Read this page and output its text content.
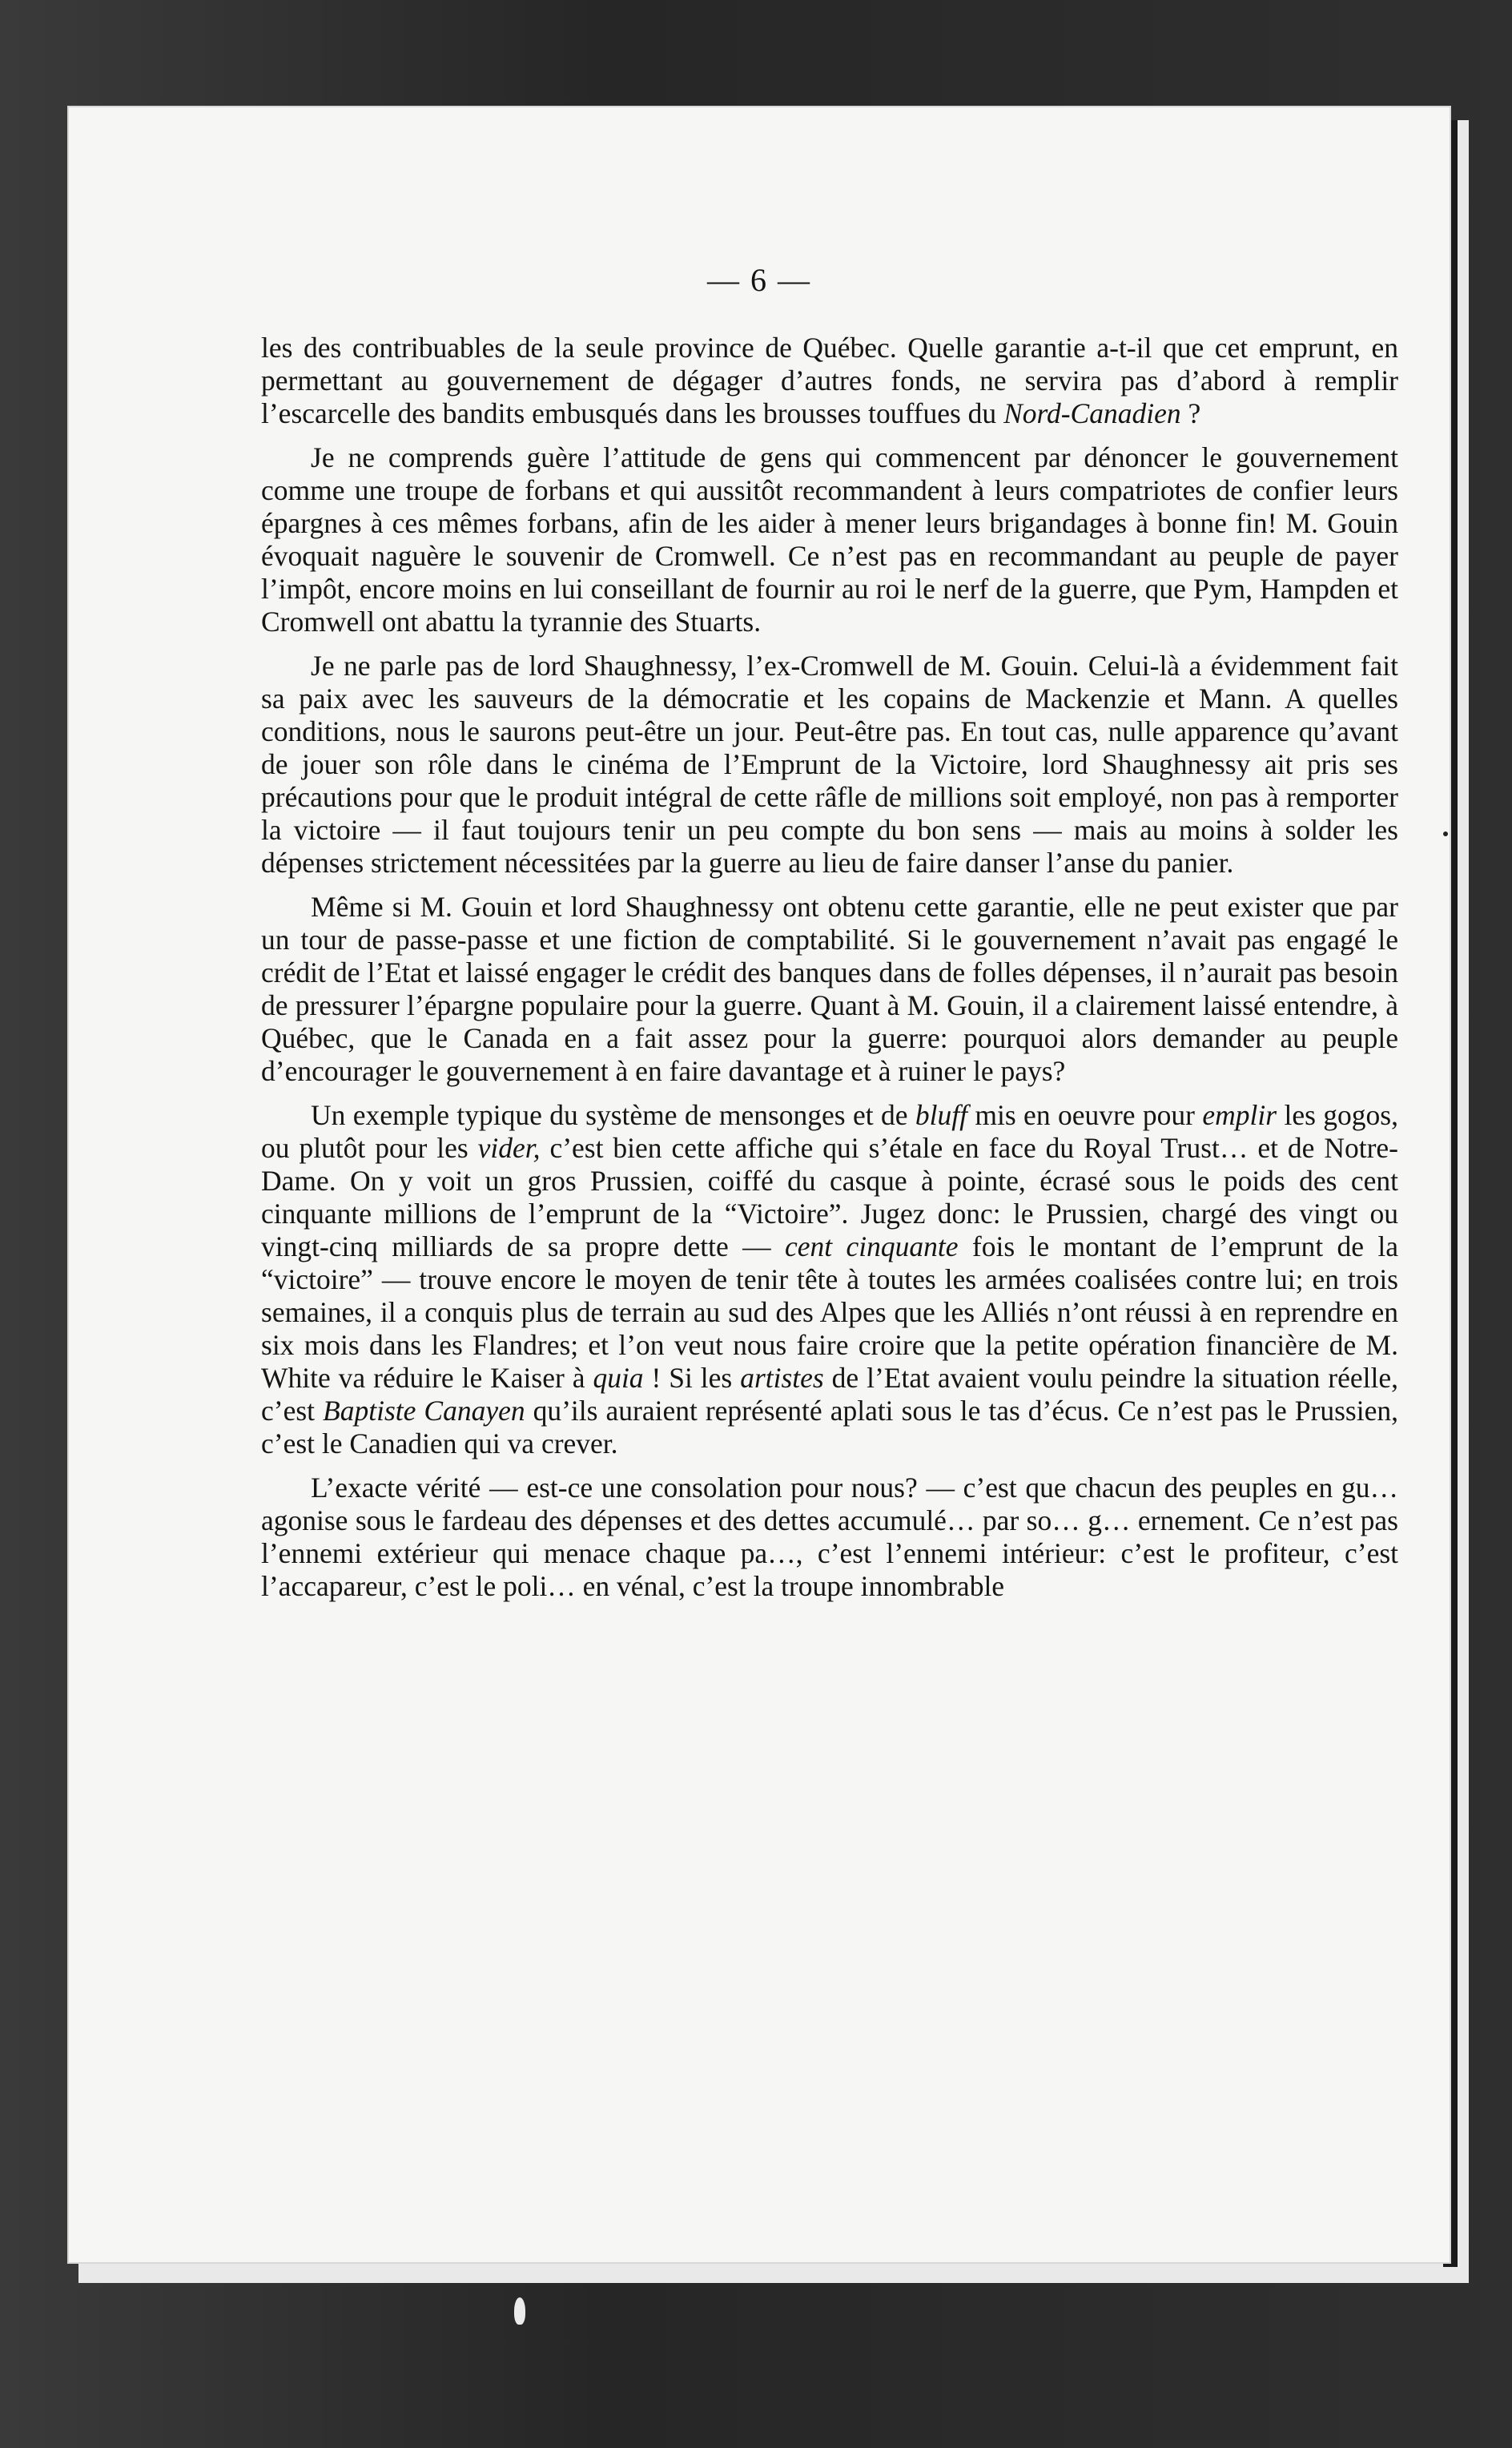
— 6 —

les des contribuables de la seule province de Québec. Quelle garantie a-t-il que cet emprunt, en permettant au gouvernement de dégager d’autres fonds, ne servira pas d’abord à remplir l’escarcelle des bandits embusqués dans les brousses touffues du Nord-Canadien ?

Je ne comprends guère l’attitude de gens qui commencent par dénoncer le gouvernement comme une troupe de forbans et qui aussitôt recommandent à leurs compatriotes de confier leurs épargnes à ces mêmes forbans, afin de les aider à mener leurs brigandages à bonne fin! M. Gouin évoquait naguère le souvenir de Cromwell. Ce n’est pas en recommandant au peuple de payer l’impôt, encore moins en lui conseillant de fournir au roi le nerf de la guerre, que Pym, Hampden et Cromwell ont abattu la tyrannie des Stuarts.

Je ne parle pas de lord Shaughnessy, l’ex-Cromwell de M. Gouin. Celui-là a évidemment fait sa paix avec les sauveurs de la démocratie et les copains de Mackenzie et Mann. A quelles conditions, nous le saurons peut-être un jour. Peut-être pas. En tout cas, nulle apparence qu’avant de jouer son rôle dans le cinéma de l’Emprunt de la Victoire, lord Shaughnessy ait pris ses précautions pour que le produit intégral de cette râfle de millions soit employé, non pas à remporter la victoire — il faut toujours tenir un peu compte du bon sens — mais au moins à solder les dépenses strictement nécessitées par la guerre au lieu de faire danser l’anse du panier.

Même si M. Gouin et lord Shaughnessy ont obtenu cette garantie, elle ne peut exister que par un tour de passe-passe et une fiction de comptabilité. Si le gouvernement n’avait pas engagé le crédit de l’Etat et laissé engager le crédit des banques dans de folles dépenses, il n’aurait pas besoin de pressurer l’épargne populaire pour la guerre. Quant à M. Gouin, il a clairement laissé entendre, à Québec, que le Canada en a fait assez pour la guerre: pourquoi alors demander au peuple d’encourager le gouvernement à en faire davantage et à ruiner le pays?

Un exemple typique du système de mensonges et de bluff mis en oeuvre pour emplir les gogos, ou plutôt pour les vider, c’est bien cette affiche qui s’étale en face du Royal Trust… et de Notre-Dame. On y voit un gros Prussien, coiffé du casque à pointe, écrasé sous le poids des cent cinquante millions de l’emprunt de la “Victoire”. Jugez donc: le Prussien, chargé des vingt ou vingt-cinq milliards de sa propre dette — cent cinquante fois le montant de l’emprunt de la “victoire” — trouve encore le moyen de tenir tête à toutes les armées coalisées contre lui; en trois semaines, il a conquis plus de terrain au sud des Alpes que les Alliés n’ont réussi à en reprendre en six mois dans les Flandres; et l’on veut nous faire croire que la petite opération financière de M. White va réduire le Kaiser à quia ! Si les artistes de l’Etat avaient voulu peindre la situation réelle, c’est Baptiste Canayen qu’ils auraient représenté aplati sous le tas d’écus. Ce n’est pas le Prussien, c’est le Canadien qui va crever.

L’exacte vérité — est-ce une consolation pour nous? — c’est que chacun des peuples en gu… agonise sous le fardeau des dépenses et des dettes accumulé… par so… g… ernement. Ce n’est pas l’ennemi extérieur qui menace chaque pa…, c’est l’ennemi intérieur: c’est le profiteur, c’est l’accapareur, c’est le poli… en vénal, c’est la troupe innombrable
